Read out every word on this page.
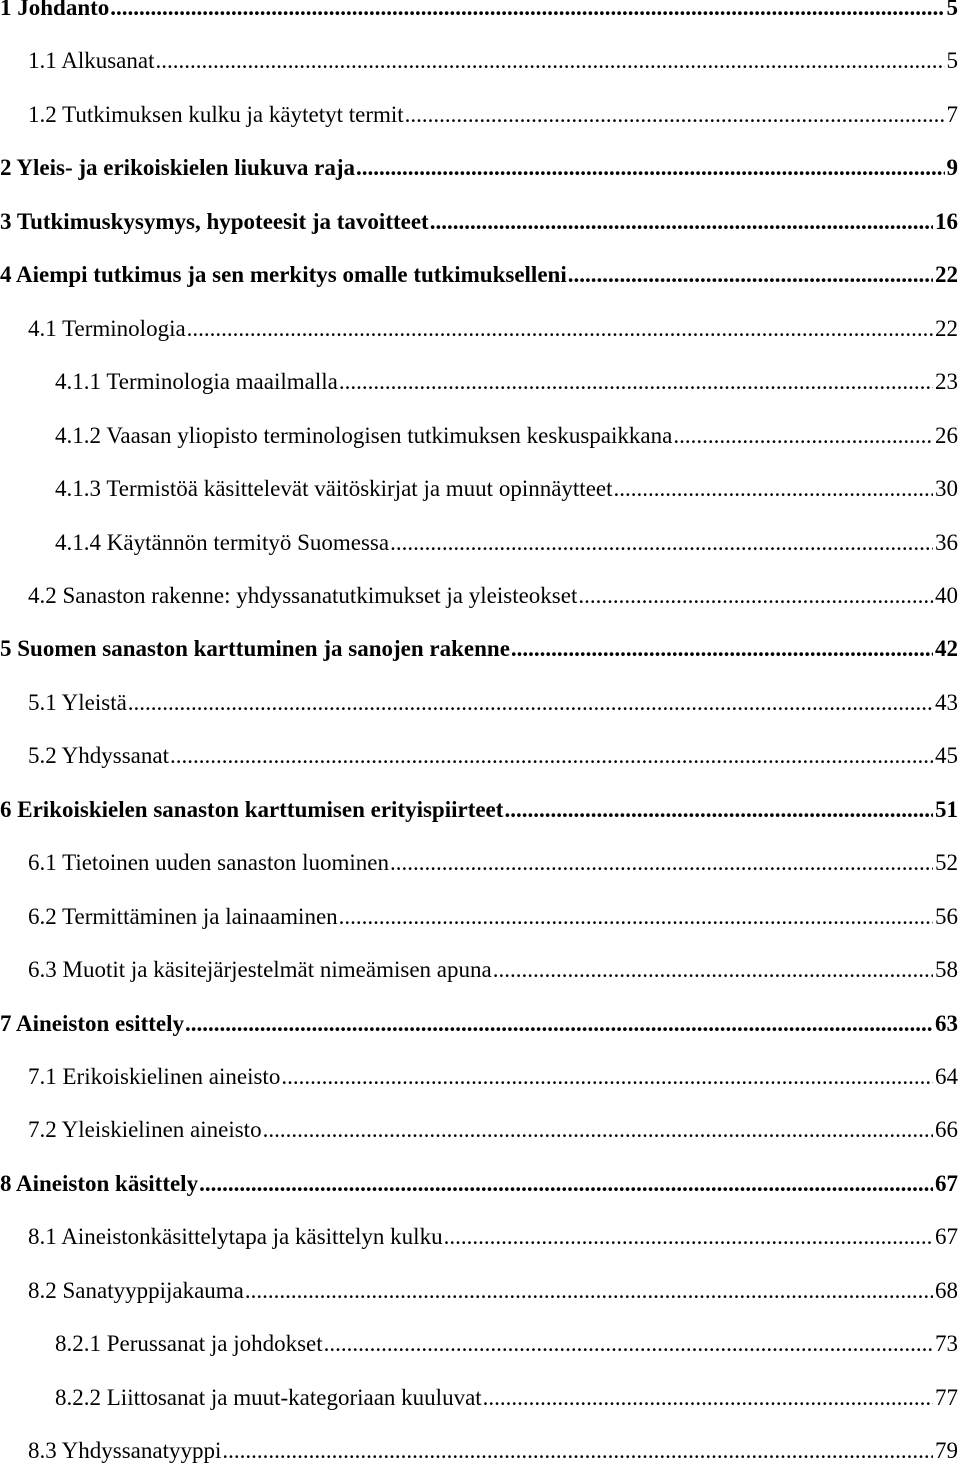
1 Johdanto .....	5
1.1 Alkusanat .....	5
1.2 Tutkimuksen kulku ja käytetyt termit .....	7
2 Yleis- ja erikoiskielen liukuva raja .....	9
3 Tutkimuskysymys, hypoteesit ja tavoitteet .....	16
4 Aiempi tutkimus ja sen merkitys omalle tutkimukselleni .....	22
4.1 Terminologia .....	22
4.1.1 Terminologia maailmalla .....	23
4.1.2 Vaasan yliopisto terminologisen tutkimuksen keskuspaikkana .....	26
4.1.3 Termistöä käsittelevät väitöskirjat ja muut opinnäytteet .....	30
4.1.4 Käytännön termityö Suomessa .....	36
4.2 Sanaston rakenne: yhdyssanatutkimukset ja yleisteokset .....	40
5 Suomen sanaston karttuminen ja sanojen rakenne .....	42
5.1 Yleistä .....	43
5.2 Yhdyssanat .....	45
6 Erikoiskielen sanaston karttumisen erityispiirteet .....	51
6.1 Tietoinen uuden sanaston luominen .....	52
6.2 Termittäminen ja lainaaminen .....	56
6.3 Muotit ja käsitejärjestelmät nimeämisen apuna .....	58
7 Aineiston esittely .....	63
7.1 Erikoiskielinen aineisto .....	64
7.2 Yleiskielinen aineisto .....	66
8 Aineiston käsittely .....	67
8.1 Aineistonkäsittelytapa ja käsittelyn kulku .....	67
8.2 Sanatyyppijakauma .....	68
8.2.1 Perussanat ja johdokset .....	73
8.2.2 Liittosanat ja muut-kategoriaan kuuluvat .....	77
8.3 Yhdyssanatyyppi .....	79
